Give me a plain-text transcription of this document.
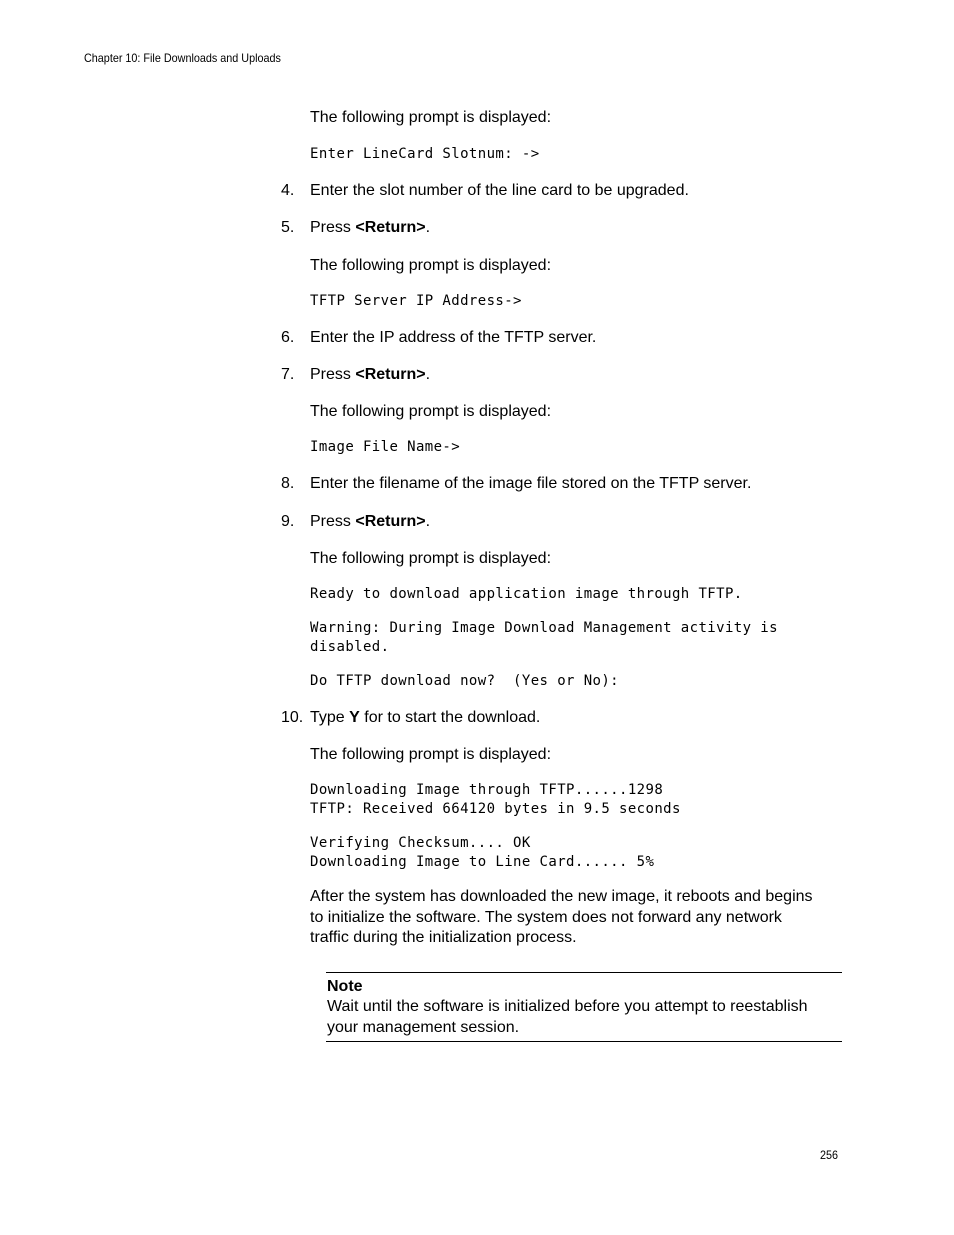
Chapter 10: File Downloads and Uploads

The following prompt is displayed:

Enter LineCard Slotnum: ->
4. Enter the slot number of the line card to be upgraded.
5. Press <Return>.

The following prompt is displayed:

TFTP Server IP Address->
6. Enter the IP address of the TFTP server.
7. Press <Return>.

The following prompt is displayed:

Image File Name->
8. Enter the filename of the image file stored on the TFTP server.
9. Press <Return>.

The following prompt is displayed:

Ready to download application image through TFTP.
Warning: During Image Download Management activity is
disabled.
Do TFTP download now?  (Yes or No):
10. Type Y for to start the download.

The following prompt is displayed:

Downloading Image through TFTP......1298
TFTP: Received 664120 bytes in 9.5 seconds
Verifying Checksum.... OK
Downloading Image to Line Card...... 5%

After the system has downloaded the new image, it reboots and begins to initialize the software. The system does not forward any network traffic during the initialization process.

Note
Wait until the software is initialized before you attempt to reestablish your management session.
256
